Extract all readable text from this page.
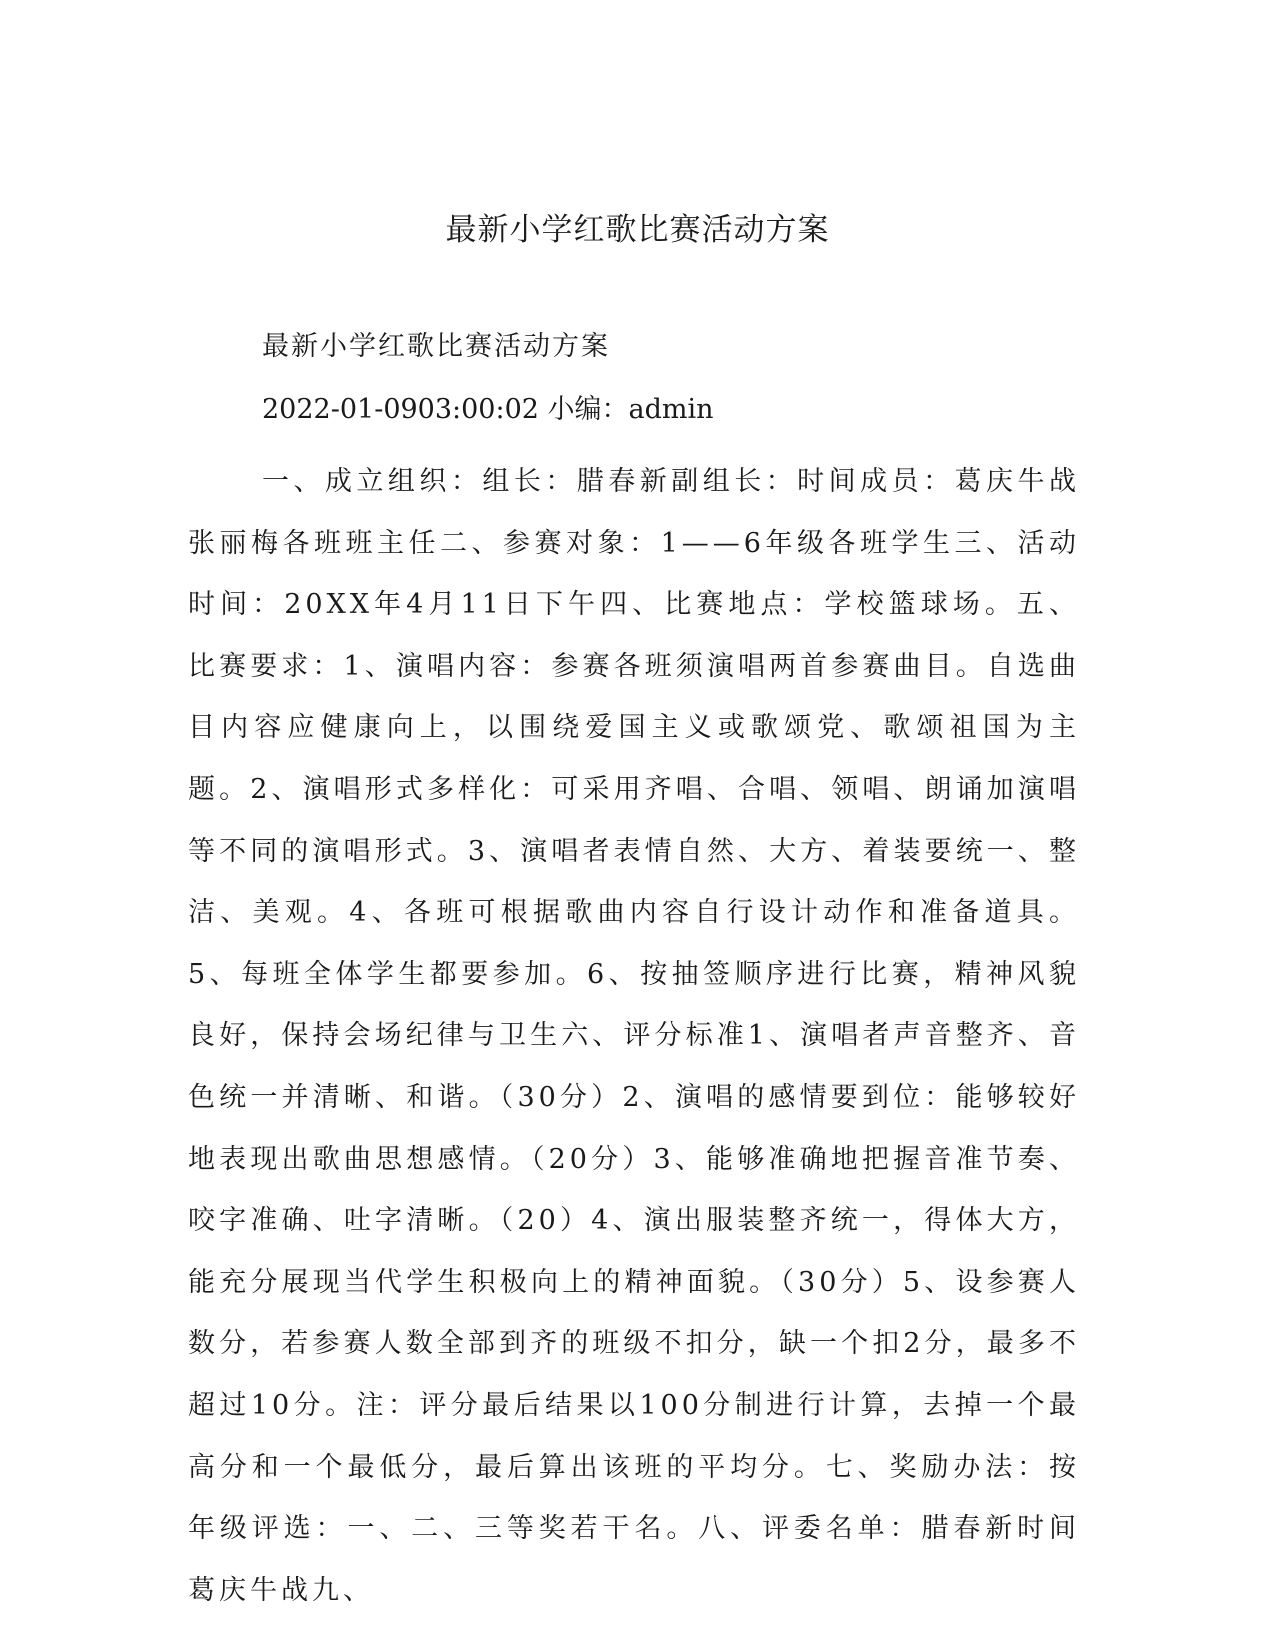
最新小学红歌比赛活动方案

最新小学红歌比赛活动方案

2022-01-0903:00:02 小编：admin

一、成立组织：组长：腊春新副组长：时间成员：葛庆牛战张丽梅各班班主任二、参赛对象：1——6年级各班学生三、活动时间：20XX年4月11日下午四、比赛地点：学校篮球场。五、比赛要求：1、演唱内容：参赛各班须演唱两首参赛曲目。自选曲目内容应健康向上，以围绕爱国主义或歌颂党、歌颂祖国为主题。2、演唱形式多样化：可采用齐唱、合唱、领唱、朗诵加演唱等不同的演唱形式。3、演唱者表情自然、大方、着装要统一、整洁、美观。4、各班可根据歌曲内容自行设计动作和准备道具。5、每班全体学生都要参加。6、按抽签顺序进行比赛，精神风貌良好，保持会场纪律与卫生六、评分标准1、演唱者声音整齐、音色统一并清晰、和谐。（30分）2、演唱的感情要到位：能够较好地表现出歌曲思想感情。（20分）3、能够准确地把握音准节奏、咬字准确、吐字清晰。（20）4、演出服装整齐统一，得体大方，能充分展现当代学生积极向上的精神面貌。（30分）5、设参赛人数分，若参赛人数全部到齐的班级不扣分，缺一个扣2分，最多不超过10分。注：评分最后结果以100分制进行计算，去掉一个最高分和一个最低分，最后算出该班的平均分。七、奖励办法：按年级评选：一、二、三等奖若干名。八、评委名单：腊春新时间葛庆牛战九、
